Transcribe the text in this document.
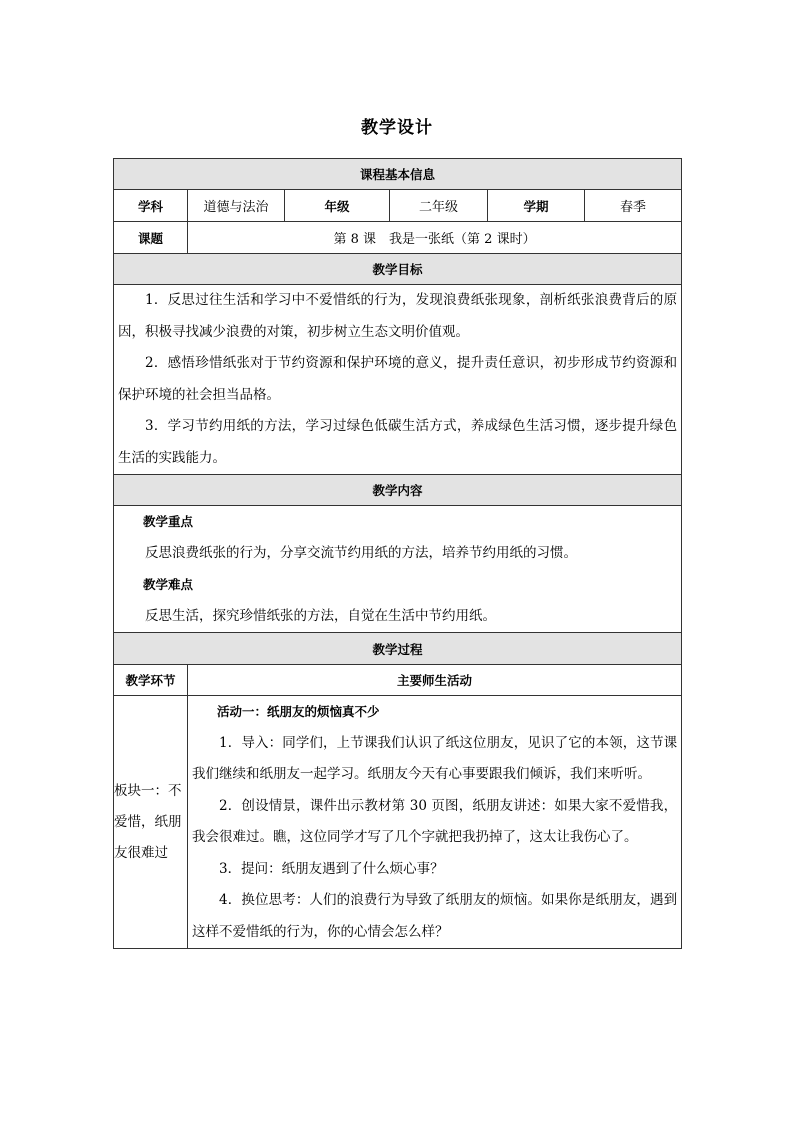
教学设计
课程基本信息					
学科	道德与法治	年级	二年级	学期	春季
课题	第 8 课　我是一张纸（第 2 课时）				
教学目标					

1．反思过往生活和学习中不爱惜纸的行为，发现浪费纸张现象，剖析纸张浪费背后的原因，积极寻找减少浪费的对策，初步树立生态文明价值观。

2．感悟珍惜纸张对于节约资源和保护环境的意义，提升责任意识，初步形成节约资源和保护环境的社会担当品格。

3．学习节约用纸的方法，学习过绿色低碳生活方式，养成绿色生活习惯，逐步提升绿色生活的实践能力。					

教学内容					

教学重点

反思浪费纸张的行为，分享交流节约用纸的方法，培养节约用纸的习惯。

教学难点

反思生活，探究珍惜纸张的方法，自觉在生活中节约用纸。					

教学过程					
教学环节	主要师生活动				
板块一：不爱惜，纸朋友很难过	活动一：纸朋友的烦恼真不少

1．导入：同学们，上节课我们认识了纸这位朋友，见识了它的本领，这节课我们继续和纸朋友一起学习。纸朋友今天有心事要跟我们倾诉，我们来听听。

2．创设情景，课件出示教材第 30 页图，纸朋友讲述：如果大家不爱惜我，我会很难过。瞧，这位同学才写了几个字就把我扔掉了，这太让我伤心了。

3．提问：纸朋友遇到了什么烦心事？

4．换位思考：人们的浪费行为导致了纸朋友的烦恼。如果你是纸朋友，遇到这样不爱惜纸的行为，你的心情会怎么样？				
